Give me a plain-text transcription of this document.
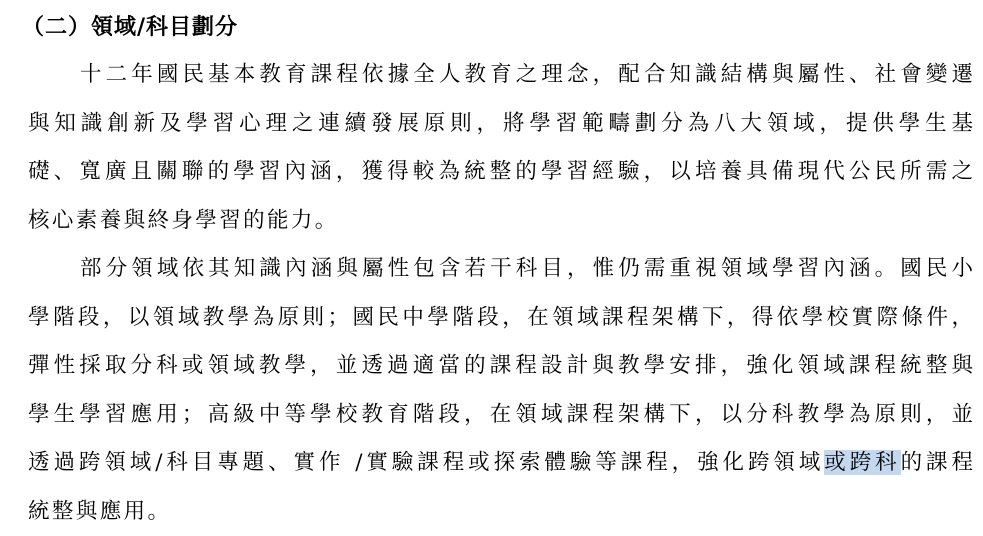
（二）領域/科目劃分
十二年國民基本教育課程依據全人教育之理念，配合知識結構與屬性、社會變遷
與知識創新及學習心理之連續發展原則，將學習範疇劃分為八大領域，提供學生基
礎、寬廣且關聯的學習內涵，獲得較為統整的學習經驗，以培養具備現代公民所需之
核心素養與終身學習的能力。
部分領域依其知識內涵與屬性包含若干科目，惟仍需重視領域學習內涵。國民小
學階段，以領域教學為原則；國民中學階段，在領域課程架構下，得依學校實際條件，
彈性採取分科或領域教學，並透過適當的課程設計與教學安排，強化領域課程統整與
學生學習應用；高級中等學校教育階段，在領域課程架構下，以分科教學為原則，並
透過跨領域/科目專題、實作 /實驗課程或探索體驗等課程，強化跨領域或跨科的課程
統整與應用。
